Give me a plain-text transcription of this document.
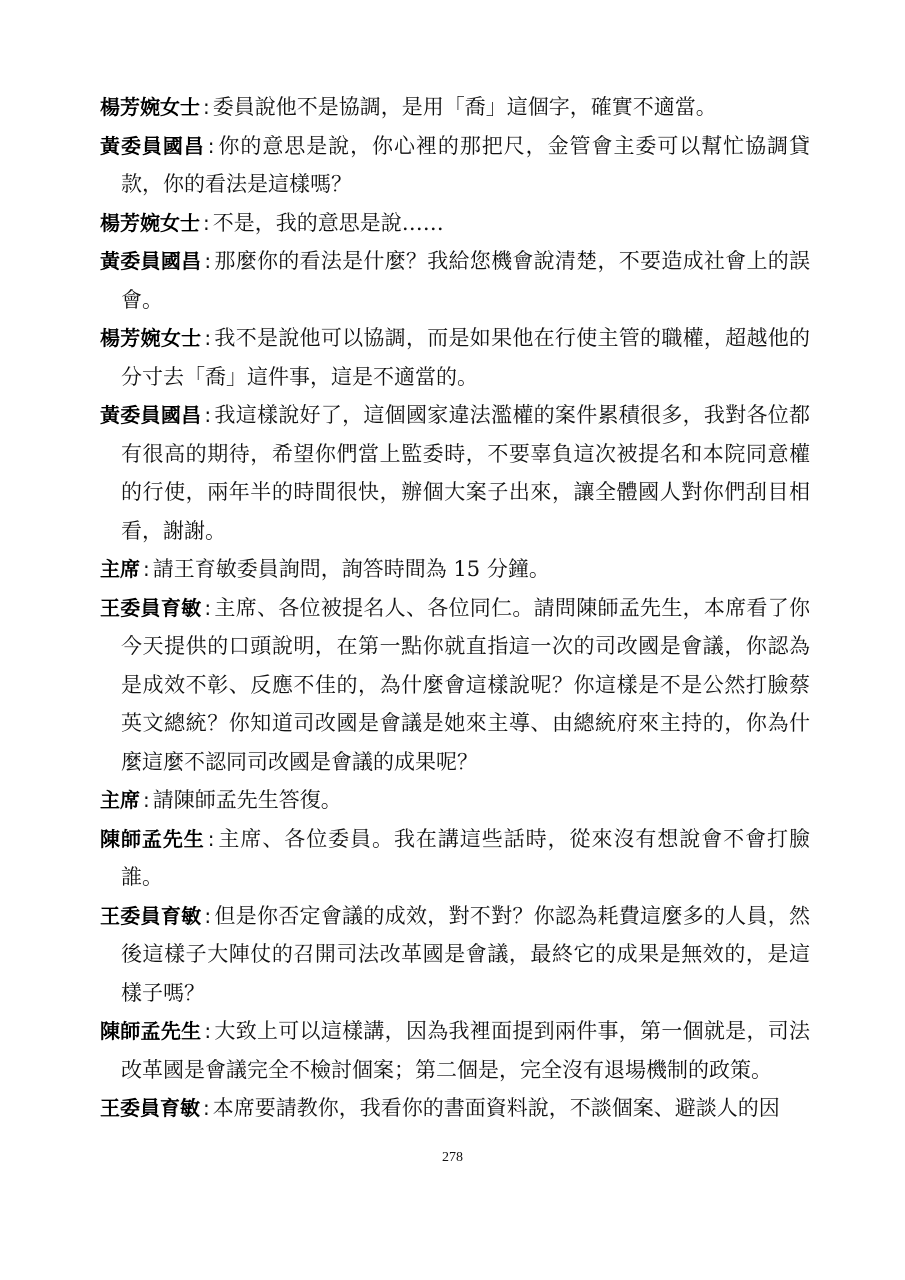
楊芳婉女士 : 委員說他不是協調，是用「喬」這個字，確實不適當。

黃委員國昌 : 你的意思是說，你心裡的那把尺，金管會主委可以幫忙協調貸款，你的看法是這樣嗎？

楊芳婉女士 : 不是，我的意思是說……

黃委員國昌 : 那麼你的看法是什麼？我給您機會說清楚，不要造成社會上的誤會。

楊芳婉女士 : 我不是說他可以協調，而是如果他在行使主管的職權，超越他的分寸去「喬」這件事，這是不適當的。

黃委員國昌 : 我這樣說好了，這個國家違法濫權的案件累積很多，我對各位都有很高的期待，希望你們當上監委時，不要辜負這次被提名和本院同意權的行使，兩年半的時間很快，辦個大案子出來，讓全體國人對你們刮目相看，謝謝。

主席 : 請王育敏委員詢問，詢答時間為 15 分鐘。

王委員育敏 : 主席、各位被提名人、各位同仁。請問陳師孟先生，本席看了你今天提供的口頭說明，在第一點你就直指這一次的司改國是會議，你認為是成效不彰、反應不佳的，為什麼會這樣說呢？你這樣是不是公然打臉蔡英文總統？你知道司改國是會議是她來主導、由總統府來主持的，你為什麼這麼不認同司改國是會議的成果呢？

主席 : 請陳師孟先生答復。

陳師孟先生 : 主席、各位委員。我在講這些話時，從來沒有想說會不會打臉誰。

王委員育敏 : 但是你否定會議的成效，對不對？你認為耗費這麼多的人員，然後這樣子大陣仗的召開司法改革國是會議，最終它的成果是無效的，是這樣子嗎？

陳師孟先生 : 大致上可以這樣講，因為我裡面提到兩件事，第一個就是，司法改革國是會議完全不檢討個案；第二個是，完全沒有退場機制的政策。

王委員育敏 : 本席要請教你，我看你的書面資料說，不談個案、避談人的因

278
